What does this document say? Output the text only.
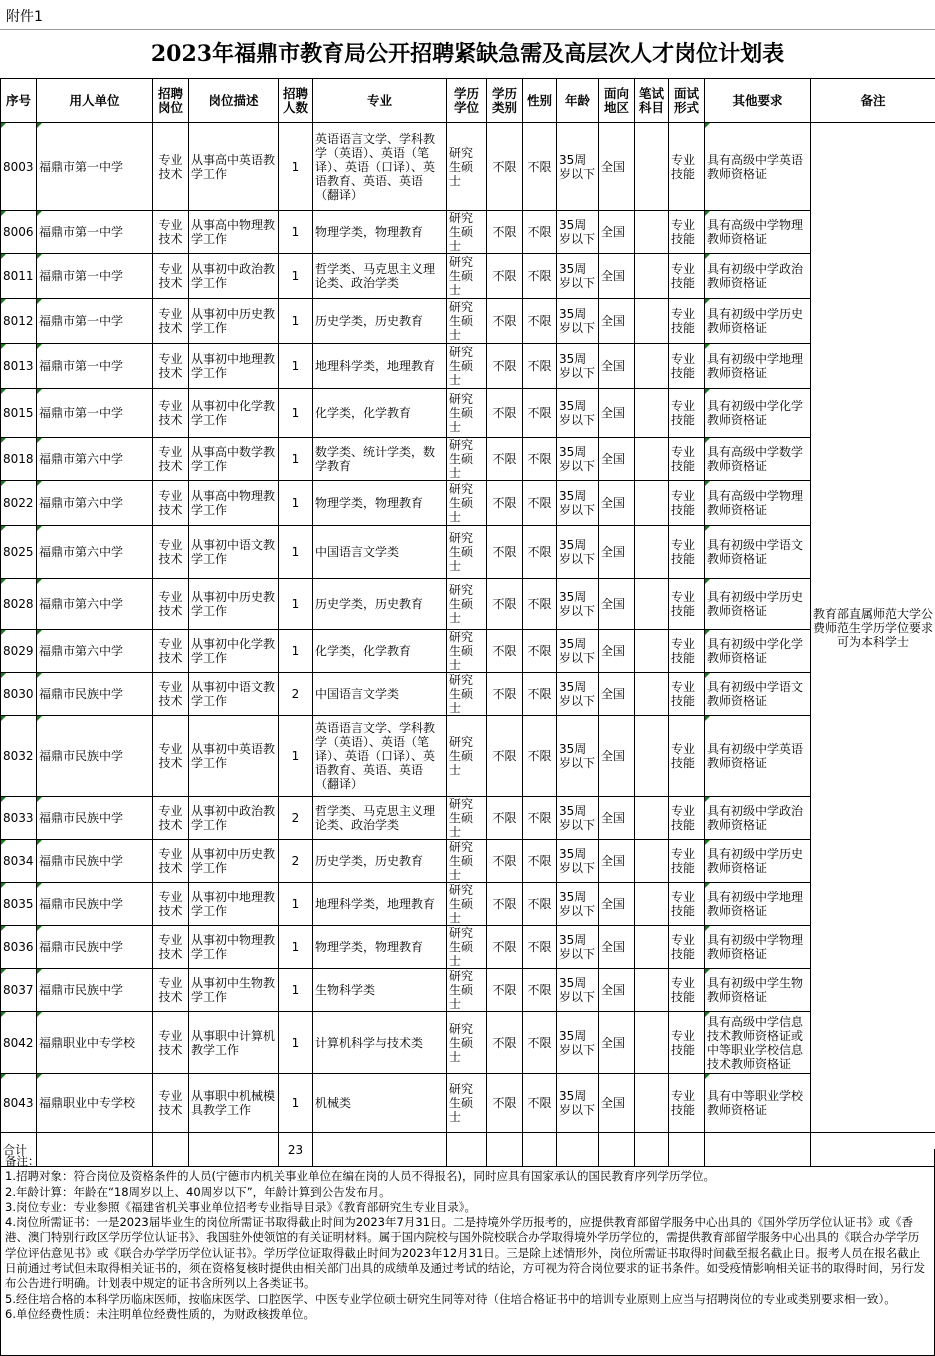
附件1
2023年福鼎市教育局公开招聘紧缺急需及高层次人才岗位计划表
序号	用人单位	招聘岗位	岗位描述	招聘人数	专业	学历学位	学历类别	性别	年龄	面向地区	笔试科目	面试形式	其他要求	备注
8003	福鼎市第一中学	专业技术	从事高中英语教学工作	1	英语语言文学、学科教学（英语）、英语（笔译）、英语（口译）、英语教育、英语、英语（翻译）	研究生硕士	不限	不限	35周岁以下	全国		专业技能	具有高级中学英语教师资格证	教育部直属师范大学公费师范生学历学位要求可为本科学士
8006	福鼎市第一中学	专业技术	从事高中物理教学工作	1	物理学类，物理教育	研究生硕士	不限	不限	35周岁以下	全国		专业技能	具有高级中学物理教师资格证	
8011	福鼎市第一中学	专业技术	从事初中政治教学工作	1	哲学类、马克思主义理论类、政治学类	研究生硕士	不限	不限	35周岁以下	全国		专业技能	具有初级中学政治教师资格证	
8012	福鼎市第一中学	专业技术	从事初中历史教学工作	1	历史学类，历史教育	研究生硕士	不限	不限	35周岁以下	全国		专业技能	具有初级中学历史教师资格证	
8013	福鼎市第一中学	专业技术	从事初中地理教学工作	1	地理科学类，地理教育	研究生硕士	不限	不限	35周岁以下	全国		专业技能	具有初级中学地理教师资格证	
8015	福鼎市第一中学	专业技术	从事初中化学教学工作	1	化学类，化学教育	研究生硕士	不限	不限	35周岁以下	全国		专业技能	具有初级中学化学教师资格证	
8018	福鼎市第六中学	专业技术	从事高中数学教学工作	1	数学类、统计学类，数学教育	研究生硕士	不限	不限	35周岁以下	全国		专业技能	具有高级中学数学教师资格证	
8022	福鼎市第六中学	专业技术	从事高中物理教学工作	1	物理学类，物理教育	研究生硕士	不限	不限	35周岁以下	全国		专业技能	具有高级中学物理教师资格证	
8025	福鼎市第六中学	专业技术	从事初中语文教学工作	1	中国语言文学类	研究生硕士	不限	不限	35周岁以下	全国		专业技能	具有初级中学语文教师资格证	
8028	福鼎市第六中学	专业技术	从事初中历史教学工作	1	历史学类，历史教育	研究生硕士	不限	不限	35周岁以下	全国		专业技能	具有初级中学历史教师资格证	
8029	福鼎市第六中学	专业技术	从事初中化学教学工作	1	化学类，化学教育	研究生硕士	不限	不限	35周岁以下	全国		专业技能	具有初级中学化学教师资格证	
8030	福鼎市民族中学	专业技术	从事初中语文教学工作	2	中国语言文学类	研究生硕士	不限	不限	35周岁以下	全国		专业技能	具有初级中学语文教师资格证	
8032	福鼎市民族中学	专业技术	从事初中英语教学工作	1	英语语言文学、学科教学（英语）、英语（笔译）、英语（口译）、英语教育、英语、英语（翻译）	研究生硕士	不限	不限	35周岁以下	全国		专业技能	具有初级中学英语教师资格证	
8033	福鼎市民族中学	专业技术	从事初中政治教学工作	2	哲学类、马克思主义理论类、政治学类	研究生硕士	不限	不限	35周岁以下	全国		专业技能	具有初级中学政治教师资格证	
8034	福鼎市民族中学	专业技术	从事初中历史教学工作	2	历史学类，历史教育	研究生硕士	不限	不限	35周岁以下	全国		专业技能	具有初级中学历史教师资格证	
8035	福鼎市民族中学	专业技术	从事初中地理教学工作	1	地理科学类，地理教育	研究生硕士	不限	不限	35周岁以下	全国		专业技能	具有初级中学地理教师资格证	
8036	福鼎市民族中学	专业技术	从事初中物理教学工作	1	物理学类，物理教育	研究生硕士	不限	不限	35周岁以下	全国		专业技能	具有初级中学物理教师资格证	
8037	福鼎市民族中学	专业技术	从事初中生物教学工作	1	生物科学类	研究生硕士	不限	不限	35周岁以下	全国		专业技能	具有初级中学生物教师资格证	
8042	福鼎职业中专学校	专业技术	从事职中计算机教学工作	1	计算机科学与技术类	研究生硕士	不限	不限	35周岁以下	全国		专业技能	具有高级中学信息技术教师资格证或中等职业学校信息技术教师资格证	
8043	福鼎职业中专学校	专业技术	从事职中机械模具教学工作	1	机械类	研究生硕士	不限	不限	35周岁以下	全国		专业技能	具有中等职业学校教师资格证	
合计				23										
备注：
1.招聘对象：符合岗位及资格条件的人员(宁德市内机关事业单位在编在岗的人员不得报名)，同时应具有国家承认的国民教育序列学历学位。
2.年龄计算：年龄在“18周岁以上、40周岁以下”，年龄计算到公告发布月。
3.岗位专业：专业参照《福建省机关事业单位招考专业指导目录》《教育部研究生专业目录》。
4.岗位所需证书：一是2023届毕业生的岗位所需证书取得截止时间为2023年7月31日。二是持境外学历报考的，应提供教育部留学服务中心出具的《国外学历学位认证书》或《香港、澳门特别行政区学历学位认证书》、我国驻外使领馆的有关证明材料。属于国内院校与国外院校联合办学取得境外学历学位的，需提供教育部留学服务中心出具的《联合办学学历学位评估意见书》或《联合办学学历学位认证书》。学历学位证取得截止时间为2023年12月31日。三是除上述情形外，岗位所需证书取得时间截至报名截止日。报考人员在报名截止日前通过考试但未取得相关证书的，须在资格复核时提供由相关部门出具的成绩单及通过考试的结论，方可视为符合岗位要求的证书条件。如受疫情影响相关证书的取得时间，另行发布公告进行明确。计划表中规定的证书含所列以上各类证书。
5.经住培合格的本科学历临床医师，按临床医学、口腔医学、中医专业学位硕士研究生同等对待（住培合格证书中的培训专业原则上应当与招聘岗位的专业或类别要求相一致）。
6.单位经费性质：未注明单位经费性质的，为财政核拨单位。
